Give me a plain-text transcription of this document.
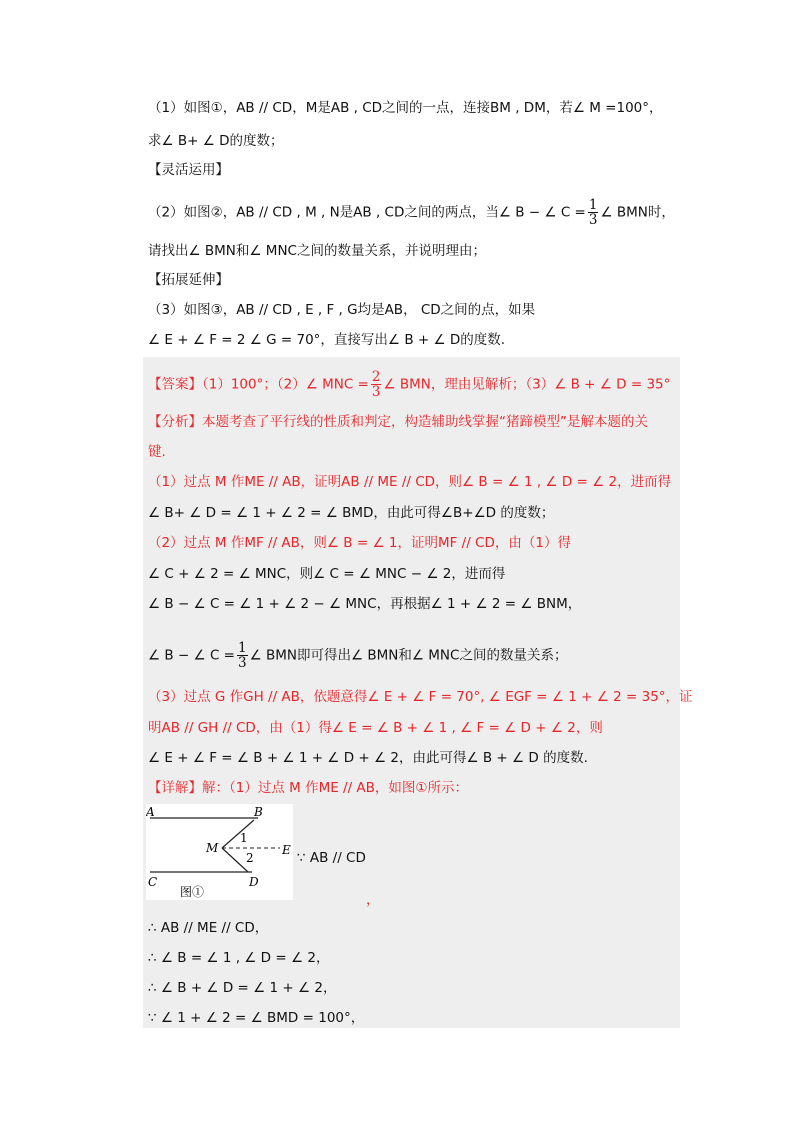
（1）如图①，AB // CD，M是AB , CD之间的一点，连接BM , DM，若∠ M =100°，
求∠ B+ ∠ D的度数；
【灵活运用】
（2）如图②，AB // CD , M , N是AB , CD之间的两点，当∠ B − ∠ $C = \frac{1}{3}$ ∠ BMN时，
请找出∠ BMN和∠ MNC之间的数量关系，并说明理由；
【拓展延伸】
（3）如图③，AB // CD , E , F , G均是AB， CD之间的点，如果
∠ E + ∠ F = 2 ∠ G = 70°，直接写出∠ B + ∠ D的度数.
【答案】（1）100°；（2）∠ MNC = $\frac{2}{3}$ ∠ BMN，理由见解析；（3）∠ B + ∠ D = 35°
【分析】本题考查了平行线的性质和判定，构造辅助线掌握“猪蹄模型”是解本题的关
键.
（1）过点 M 作ME // AB，证明AB // ME // CD，则∠ B = ∠ 1 , ∠ D = ∠ 2，进而得
∠ B+ ∠ D = ∠ 1 + ∠ 2 = ∠ BMD，由此可得∠B+∠D 的度数；
（2）过点 M 作MF // AB，则∠ B = ∠ 1，证明MF // CD，由（1）得
∠ C + ∠ 2 = ∠ MNC，则∠ C = ∠ MNC − ∠ 2，进而得
∠ B − ∠ C = ∠ 1 + ∠ 2 − ∠ MNC，再根据∠ 1 + ∠ 2 = ∠ BNM，
∠ B − ∠ $C = \frac{1}{3}$ ∠ BMN即可得出∠ BMN和∠ MNC之间的数量关系；
（3）过点 G 作GH // AB，依题意得∠ E + ∠ F = 70°, ∠ EGF = ∠ 1 + ∠ 2 = 35°，证
明AB // GH // CD，由（1）得∠ E = ∠ B + ∠ 1 , ∠ F = ∠ D + ∠ 2，则
∠ E + ∠ F = ∠ B + ∠ 1 + ∠ D + ∠ 2，由此可得∠ B + ∠ D 的度数.
【详解】解：（1）过点 M 作ME // AB，如图①所示：
A	B
C	D
M	E
1
2
图①
∵ AB // CD
，
∴ AB // ME // CD，
∴ ∠ B = ∠ 1 , ∠ D = ∠ 2，
∴ ∠ B + ∠ D = ∠ 1 + ∠ 2，
∵ ∠ 1 + ∠ 2 = ∠ BMD = 100°，
